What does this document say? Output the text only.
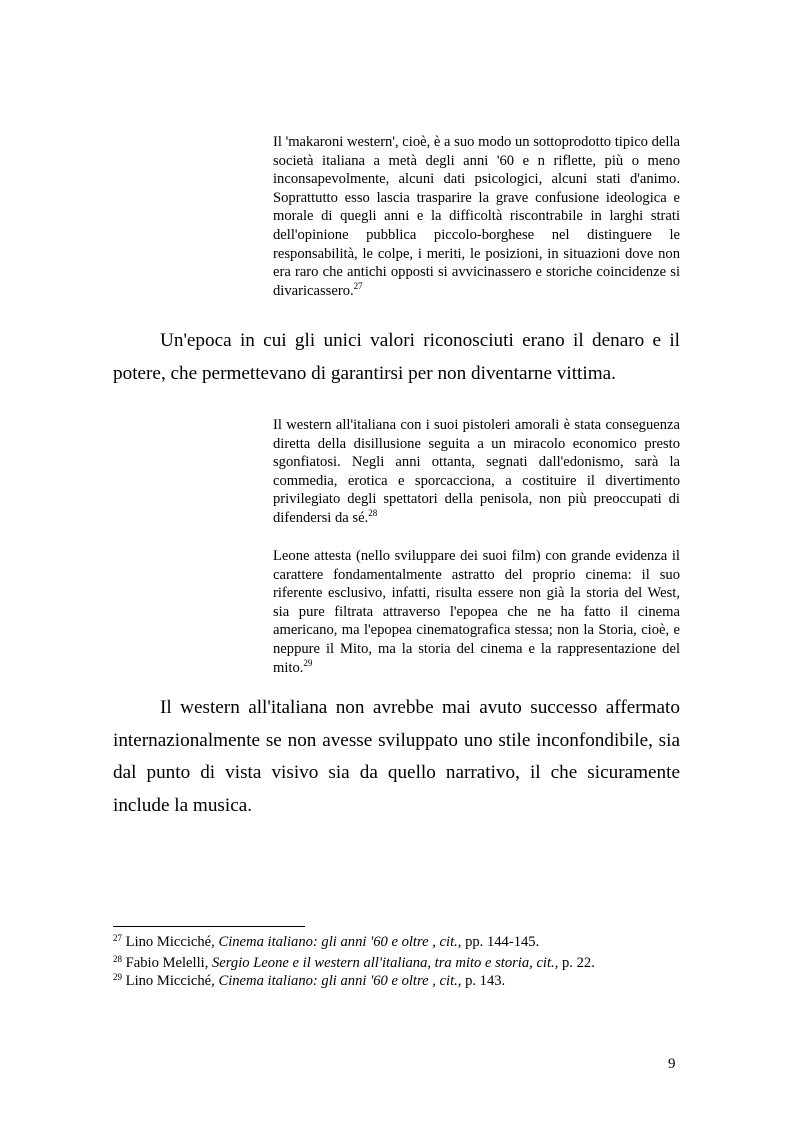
Il 'makaroni western', cioè, è a suo modo un sottoprodotto tipico della società italiana a metà degli anni '60 e n riflette, più o meno inconsapevolmente, alcuni dati psicologici, alcuni stati d'animo. Soprattutto esso lascia trasparire la grave confusione ideologica e morale di quegli anni e la difficoltà riscontrabile in larghi strati dell'opinione pubblica piccolo-borghese nel distinguere le responsabilità, le colpe, i meriti, le posizioni, in situazioni dove non era raro che antichi opposti si avvicinassero e storiche coincidenze si divaricassero.$^{27}$

Un'epoca in cui gli unici valori riconosciuti erano il denaro e il potere, che permettevano di garantirsi per non diventarne vittima.

Il western all'italiana con i suoi pistoleri amorali è stata conseguenza diretta della disillusione seguita a un miracolo economico presto sgonfiatosi. Negli anni ottanta, segnati dall'edonismo, sarà la commedia, erotica e sporcacciona, a costituire il divertimento privilegiato degli spettatori della penisola, non più preoccupati di difendersi da sé.$^{28}$

Leone attesta (nello sviluppare dei suoi film) con grande evidenza il carattere fondamentalmente astratto del proprio cinema: il suo riferente esclusivo, infatti, risulta essere non già la storia del West, sia pure filtrata attraverso l'epopea che ne ha fatto il cinema americano, ma l'epopea cinematografica stessa; non la Storia, cioè, e neppure il Mito, ma la storia del cinema e la rappresentazione del mito.$^{29}$

Il western all'italiana non avrebbe mai avuto successo affermato internazionalmente se non avesse sviluppato uno stile inconfondibile, sia dal punto di vista visivo sia da quello narrativo, il che sicuramente include la musica.

$^{27}$ Lino Micciché, Cinema italiano: gli anni '60 e oltre , cit., pp. 144-145.

$^{28}$ Fabio Melelli, Sergio Leone e il western all'italiana, tra mito e storia, cit., p. 22.

$^{29}$ Lino Micciché, Cinema italiano: gli anni '60 e oltre , cit., p. 143.

9
